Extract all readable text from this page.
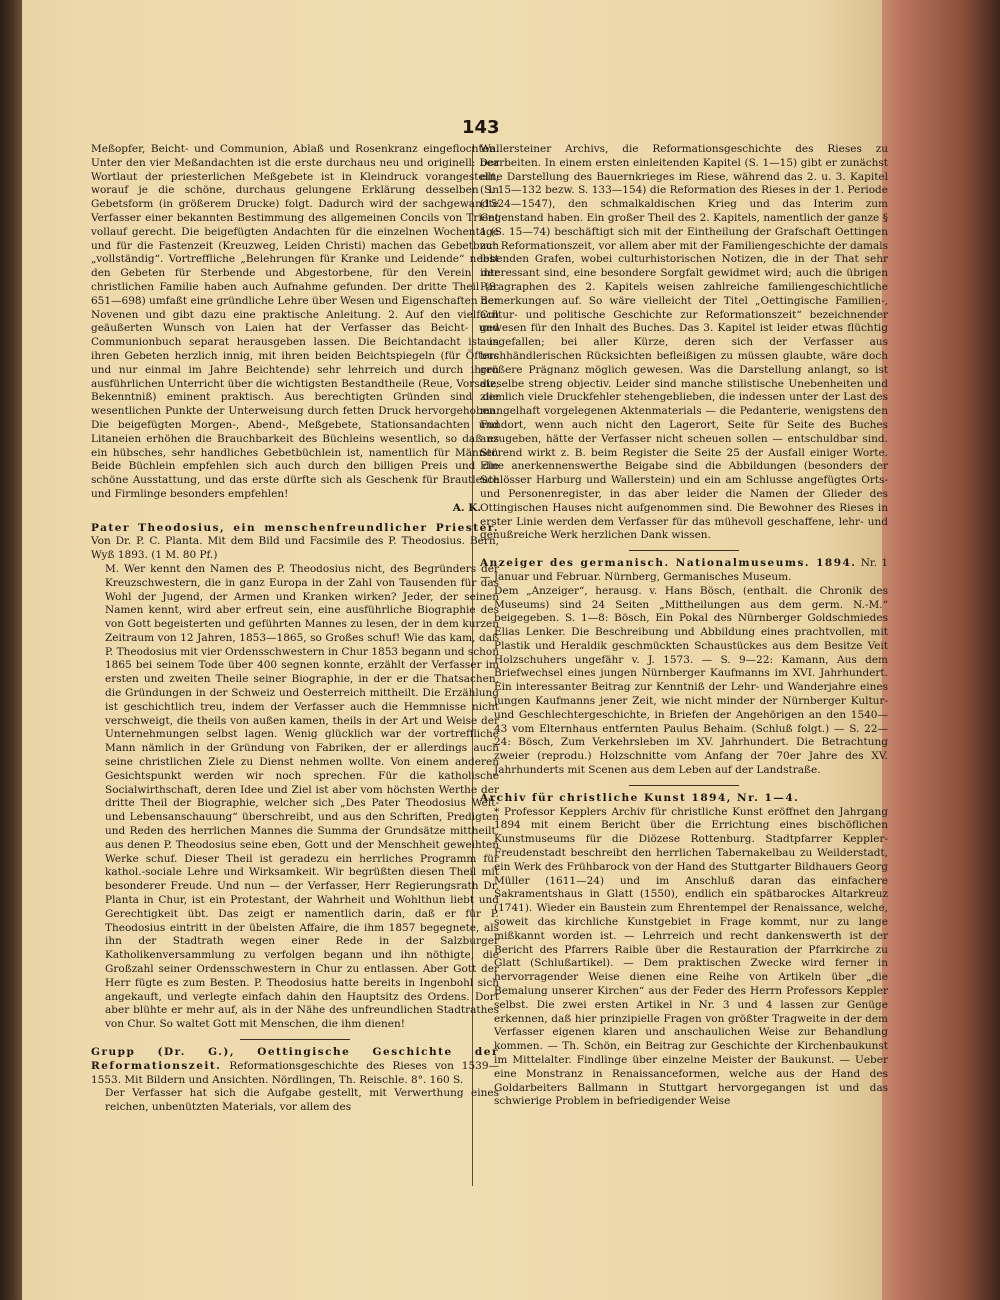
143

Meßopfer, Beicht- und Communion, Ablaß und Rosenkranz eingeflochten. Unter den vier Meßandachten ist die erste durchaus neu und originell: Der Wortlaut der priesterlichen Meßgebete ist in Kleindruck vorangestellt, worauf je die schöne, durchaus gelungene Erklärung desselben in Gebetsform (in größerem Drucke) folgt. Dadurch wird der sachgewandte Verfasser einer bekannten Bestimmung des allgemeinen Concils von Trient vollauf gerecht. Die beigefügten Andachten für die einzelnen Wochentage und für die Fastenzeit (Kreuzweg, Leiden Christi) machen das Gebetbuch „vollständig“. Vortreffliche „Belehrungen für Kranke und Leidende“ nebst den Gebeten für Sterbende und Abgestorbene, für den Verein der christlichen Familie haben auch Aufnahme gefunden. Der dritte Theil (S. 651—698) umfaßt eine gründliche Lehre über Wesen und Eigenschaften der Novenen und gibt dazu eine praktische Anleitung. 2. Auf den vielfach geäußerten Wunsch von Laien hat der Verfasser das Beicht- und Communionbuch separat herausgeben lassen. Die Beichtandacht ist in ihren Gebeten herzlich innig, mit ihren beiden Beichtspiegeln (für Öfters und nur einmal im Jahre Beichtende) sehr lehrreich und durch ihren ausführlichen Unterricht über die wichtigsten Bestandtheile (Reue, Vorsatz, Bekenntniß) eminent praktisch. Aus berechtigten Gründen sind die wesentlichen Punkte der Unterweisung durch fetten Druck hervorgehoben. Die beigefügten Morgen-, Abend-, Meßgebete, Stationsandachten und Litaneien erhöhen die Brauchbarkeit des Büchleins wesentlich, so daß es ein hübsches, sehr handliches Gebetbüchlein ist, namentlich für Männer. Beide Büchlein empfehlen sich auch durch den billigen Preis und die schöne Ausstattung, und das erste dürfte sich als Geschenk für Brautleute und Firmlinge besonders empfehlen!

A. K.

Pater Theodosius, ein menschenfreundlicher Priester. Von Dr. P. C. Planta. Mit dem Bild und Facsimile des P. Theodosius. Bern, Wyß 1893. (1 M. 80 Pf.)

M. Wer kennt den Namen des P. Theodosius nicht, des Begründers der Kreuzschwestern, die in ganz Europa in der Zahl von Tausenden für das Wohl der Jugend, der Armen und Kranken wirken? Jeder, der seinen Namen kennt, wird aber erfreut sein, eine ausführliche Biographie des von Gott begeisterten und geführten Mannes zu lesen, der in dem kurzen Zeitraum von 12 Jahren, 1853—1865, so Großes schuf! Wie das kam, daß P. Theodosius mit vier Ordensschwestern in Chur 1853 begann und schon 1865 bei seinem Tode über 400 segnen konnte, erzählt der Verfasser im ersten und zweiten Theile seiner Biographie, in der er die Thatsachen, die Gründungen in der Schweiz und Oesterreich mittheilt. Die Erzählung ist geschichtlich treu, indem der Verfasser auch die Hemmnisse nicht verschweigt, die theils von außen kamen, theils in der Art und Weise der Unternehmungen selbst lagen. Wenig glücklich war der vortreffliche Mann nämlich in der Gründung von Fabriken, der er allerdings auch seine christlichen Ziele zu Dienst nehmen wollte. Von einem anderen Gesichtspunkt werden wir noch sprechen. Für die katholische Socialwirthschaft, deren Idee und Ziel ist aber vom höchsten Werthe der dritte Theil der Biographie, welcher sich „Des Pater Theodosius Welt- und Lebensanschauung“ überschreibt, und aus den Schriften, Predigten und Reden des herrlichen Mannes die Summa der Grundsätze mittheilt, aus denen P. Theodosius seine eben, Gott und der Menschheit geweihten Werke schuf. Dieser Theil ist geradezu ein herrliches Programm für kathol.-sociale Lehre und Wirksamkeit. Wir begrüßten diesen Theil mit besonderer Freude. Und nun — der Verfasser, Herr Regierungsrath Dr. Planta in Chur, ist ein Protestant, der Wahrheit und Wohlthun liebt und Gerechtigkeit übt. Das zeigt er namentlich darin, daß er für P. Theodosius eintritt in der übelsten Affaire, die ihm 1857 begegnete, als ihn der Stadtrath wegen einer Rede in der Salzburger Katholikenversammlung zu verfolgen begann und ihn nöthigte, die Großzahl seiner Ordensschwestern in Chur zu entlassen. Aber Gott der Herr fügte es zum Besten. P. Theodosius hatte bereits in Ingenbohl sich angekauft, und verlegte einfach dahin den Hauptsitz des Ordens. Dort aber blühte er mehr auf, als in der Nähe des unfreundlichen Stadtrathes von Chur. So waltet Gott mit Menschen, die ihm dienen!

Grupp (Dr. G.), Oettingische Geschichte der Reformationszeit. Reformationsgeschichte des Rieses von 1539—1553. Mit Bildern und Ansichten. Nördlingen, Th. Reischle. 8°. 160 S.

Der Verfasser hat sich die Aufgabe gestellt, mit Verwerthung eines reichen, unbenützten Materials, vor allem des

Wallersteiner Archivs, die Reformationsgeschichte des Rieses zu bearbeiten. In einem ersten einleitenden Kapitel (S. 1—15) gibt er zunächst eine Darstellung des Bauernkrieges im Riese, während das 2. u. 3. Kapitel (S. 15—132 bezw. S. 133—154) die Reformation des Rieses in der 1. Periode (1524—1547), den schmalkaldischen Krieg und das Interim zum Gegenstand haben. Ein großer Theil des 2. Kapitels, namentlich der ganze § 1 (S. 15—74) beschäftigt sich mit der Eintheilung der Grafschaft Oettingen zur Reformationszeit, vor allem aber mit der Familiengeschichte der damals lebenden Grafen, wobei culturhistorischen Notizen, die in der That sehr interessant sind, eine besondere Sorgfalt gewidmet wird; auch die übrigen Paragraphen des 2. Kapitels weisen zahlreiche familiengeschichtliche Bemerkungen auf. So wäre vielleicht der Titel „Oettingische Familien-, Cultur- und politische Geschichte zur Reformationszeit“ bezeichnender gewesen für den Inhalt des Buches. Das 3. Kapitel ist leider etwas flüchtig ausgefallen; bei aller Kürze, deren sich der Verfasser aus buchhändlerischen Rücksichten befleißigen zu müssen glaubte, wäre doch größere Prägnanz möglich gewesen. Was die Darstellung anlangt, so ist dieselbe streng objectiv. Leider sind manche stilistische Unebenheiten und ziemlich viele Druckfehler stehengeblieben, die indessen unter der Last des mangelhaft vorgelegenen Aktenmaterials — die Pedanterie, wenigstens den Fundort, wenn auch nicht den Lagerort, Seite für Seite des Buches anzugeben, hätte der Verfasser nicht scheuen sollen — entschuldbar sind. Störend wirkt z. B. beim Register die Seite 25 der Ausfall einiger Worte. Eine anerkennenswerthe Beigabe sind die Abbildungen (besonders der Schlösser Harburg und Wallerstein) und ein am Schlusse angefügtes Orts- und Personenregister, in das aber leider die Namen der Glieder des Ottingischen Hauses nicht aufgenommen sind. Die Bewohner des Rieses in erster Linie werden dem Verfasser für das mühevoll geschaffene, lehr- und genußreiche Werk herzlichen Dank wissen.

Anzeiger des germanisch. Nationalmuseums. 1894. Nr. 1 — Januar und Februar. Nürnberg, Germanisches Museum.

Dem „Anzeiger“, herausg. v. Hans Bösch, (enthalt. die Chronik des Museums) sind 24 Seiten „Mittheilungen aus dem germ. N.-M.“ beigegeben. S. 1—8: Bösch, Ein Pokal des Nürnberger Goldschmiedes Elias Lenker. Die Beschreibung und Abbildung eines prachtvollen, mit Plastik und Heraldik geschmückten Schaustückes aus dem Besitze Veit Holzschuhers ungefähr v. J. 1573. — S. 9—22: Kamann, Aus dem Briefwechsel eines jungen Nürnberger Kaufmanns im XVI. Jahrhundert. Ein interessanter Beitrag zur Kenntniß der Lehr- und Wanderjahre eines jungen Kaufmanns jener Zeit, wie nicht minder der Nürnberger Kultur- und Geschlechtergeschichte, in Briefen der Angehörigen an den 1540—43 vom Elternhaus entfernten Paulus Behaim. (Schluß folgt.) — S. 22—24: Bösch, Zum Verkehrsleben im XV. Jahrhundert. Die Betrachtung zweier (reprodu.) Holzschnitte vom Anfang der 70er Jahre des XV. Jahrhunderts mit Scenen aus dem Leben auf der Landstraße.

Archiv für christliche Kunst 1894, Nr. 1—4.

* Professor Kepplers Archiv für christliche Kunst eröffnet den Jahrgang 1894 mit einem Bericht über die Errichtung eines bischöflichen Kunstmuseums für die Diözese Rottenburg. Stadtpfarrer Keppler-Freudenstadt beschreibt den herrlichen Tabernakelbau zu Weilderstadt, ein Werk des Frühbarock von der Hand des Stuttgarter Bildhauers Georg Müller (1611—24) und im Anschluß daran das einfachere Sakramentshaus in Glatt (1550), endlich ein spätbarockes Altarkreuz (1741). Wieder ein Baustein zum Ehrentempel der Renaissance, welche, soweit das kirchliche Kunstgebiet in Frage kommt, nur zu lange mißkannt worden ist. — Lehrreich und recht dankenswerth ist der Bericht des Pfarrers Raible über die Restauration der Pfarrkirche zu Glatt (Schlußartikel). — Dem praktischen Zwecke wird ferner in hervorragender Weise dienen eine Reihe von Artikeln über „die Bemalung unserer Kirchen“ aus der Feder des Herrn Professors Keppler selbst. Die zwei ersten Artikel in Nr. 3 und 4 lassen zur Genüge erkennen, daß hier prinzipielle Fragen von größter Tragweite in der dem Verfasser eigenen klaren und anschaulichen Weise zur Behandlung kommen. — Th. Schön, ein Beitrag zur Geschichte der Kirchenbaukunst im Mittelalter. Findlinge über einzelne Meister der Baukunst. — Ueber eine Monstranz in Renaissanceformen, welche aus der Hand des Goldarbeiters Ballmann in Stuttgart hervorgegangen ist und das schwierige Problem in befriedigender Weise
